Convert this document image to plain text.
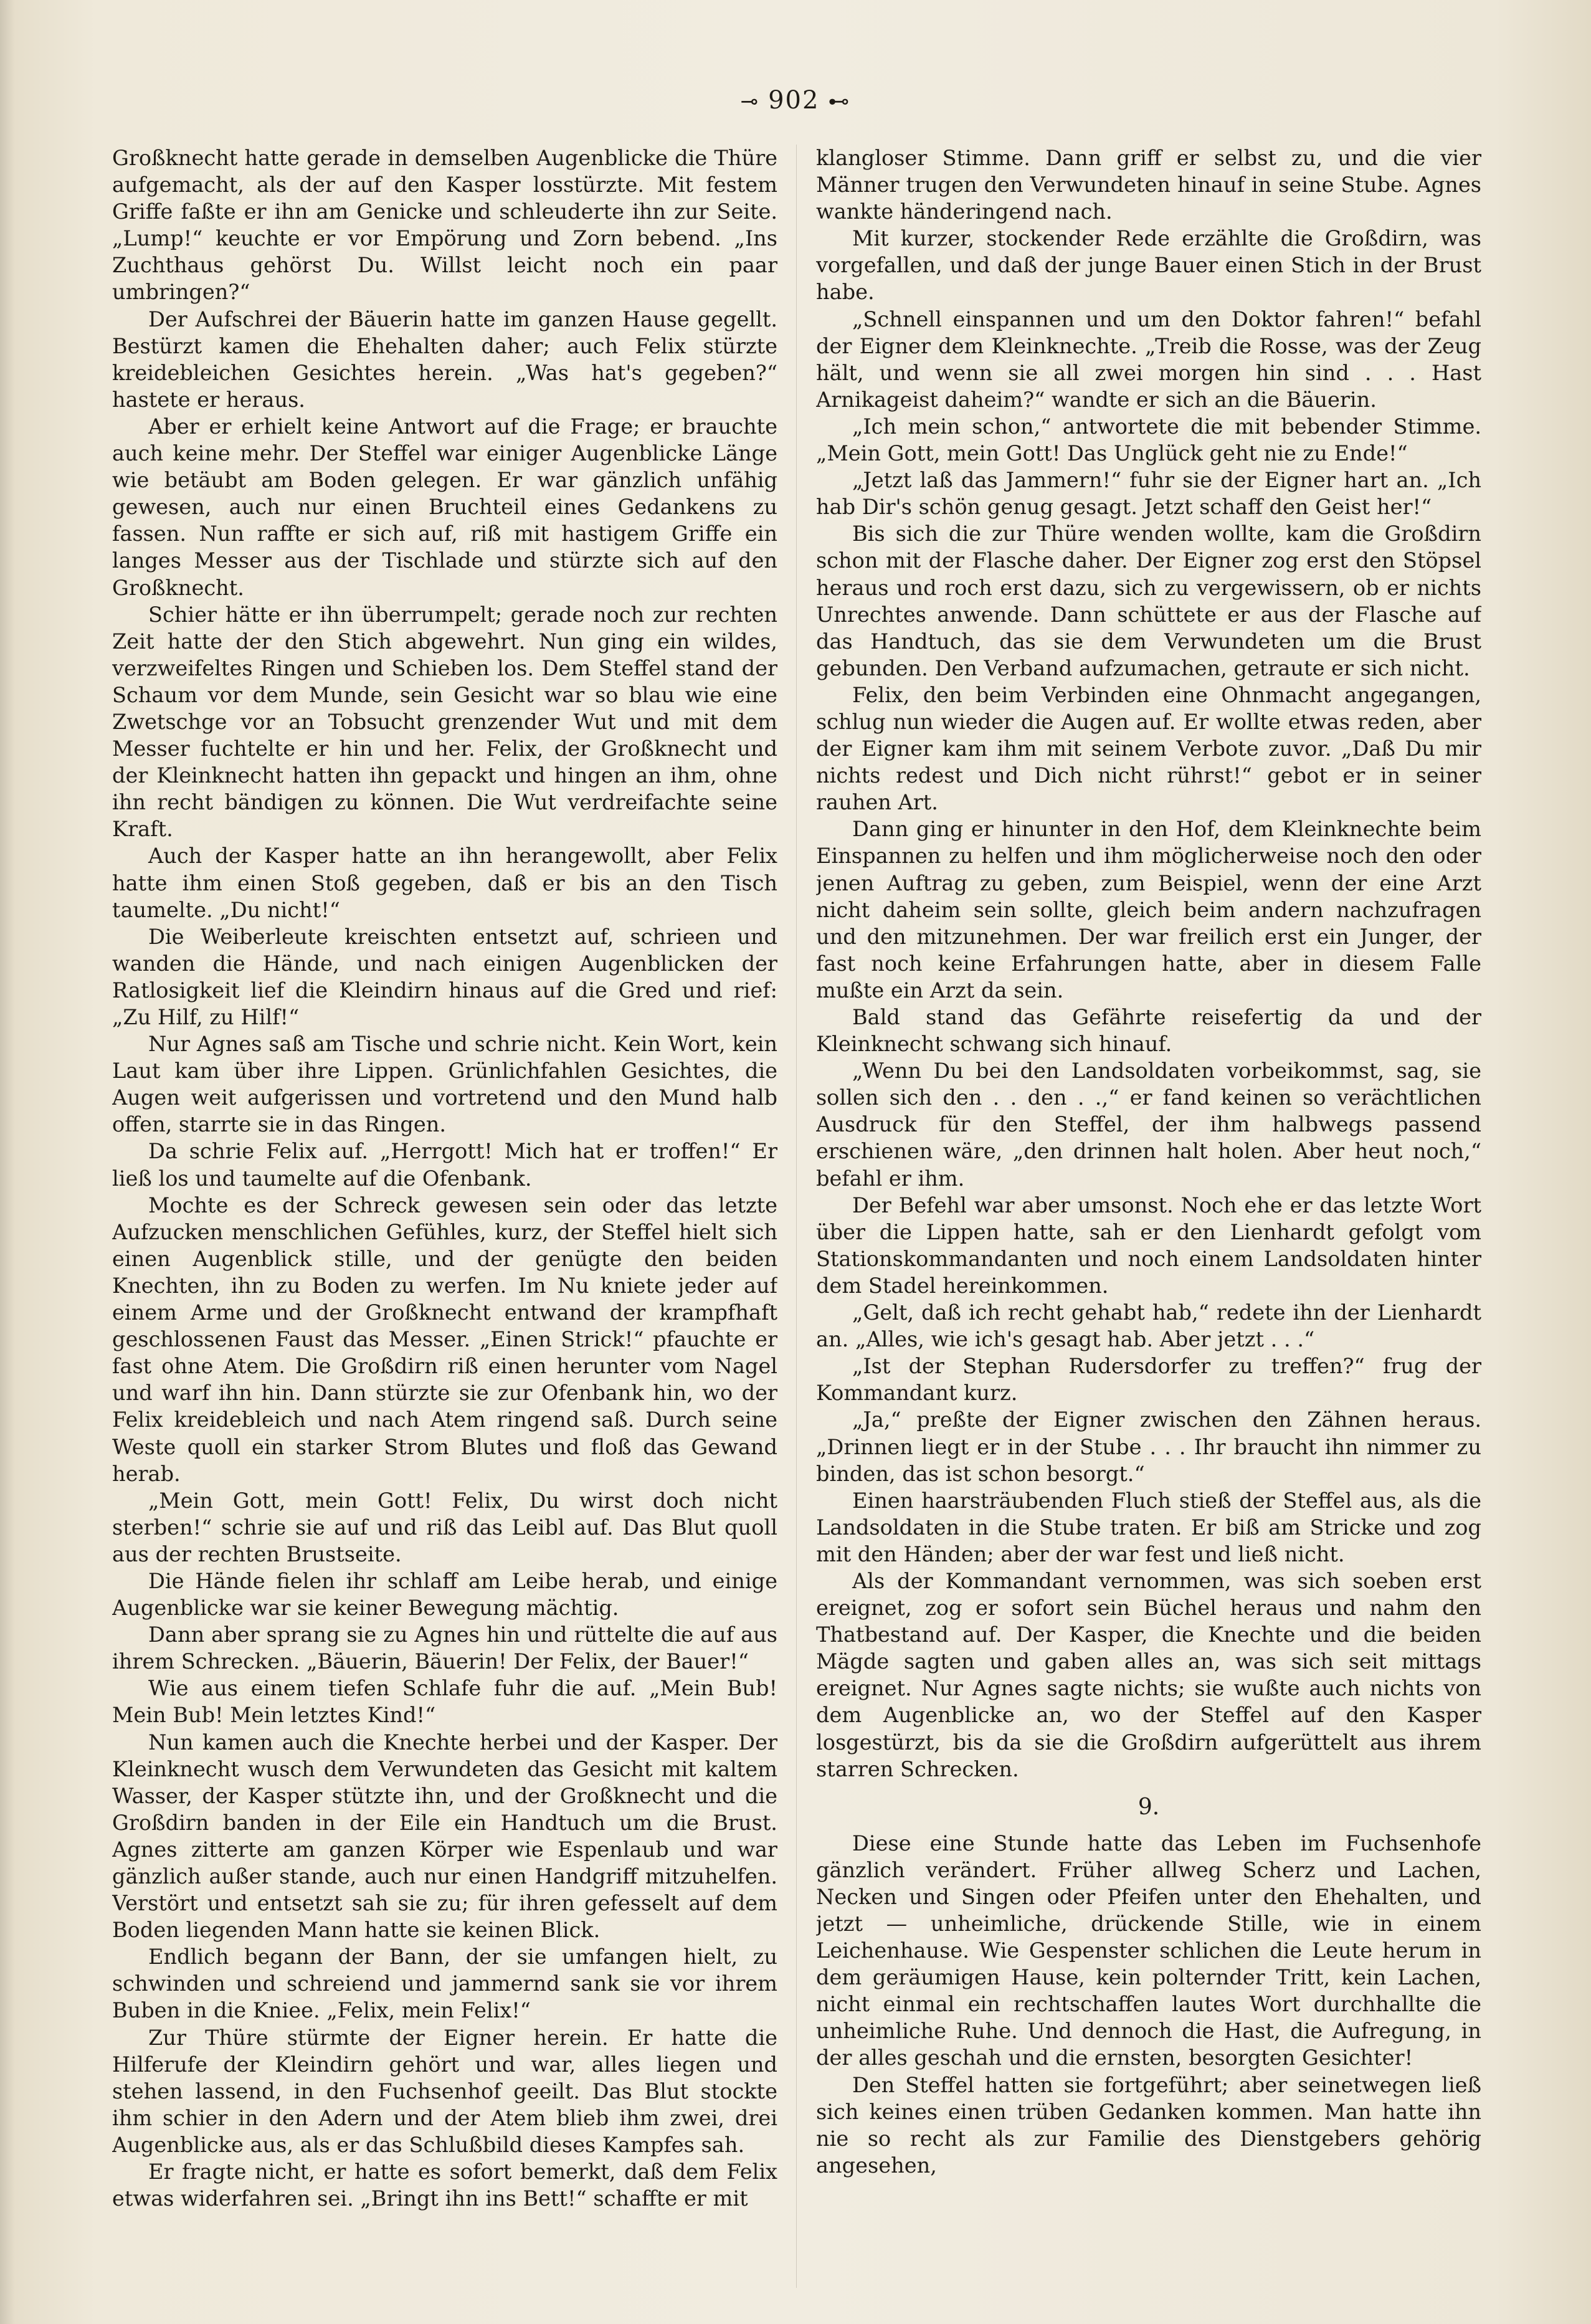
⊸ 902 ⊷

Großknecht hatte gerade in demselben Augenblicke die Thüre aufgemacht, als der auf den Kasper losstürzte. Mit festem Griffe faßte er ihn am Genicke und schleuderte ihn zur Seite. „Lump!“ keuchte er vor Empörung und Zorn bebend. „Ins Zuchthaus gehörst Du. Willst leicht noch ein paar umbringen?“

Der Aufschrei der Bäuerin hatte im ganzen Hause gegellt. Bestürzt kamen die Ehehalten daher; auch Felix stürzte kreidebleichen Gesichtes herein. „Was hat's gegeben?“ hastete er heraus.

Aber er erhielt keine Antwort auf die Frage; er brauchte auch keine mehr. Der Steffel war einiger Augenblicke Länge wie betäubt am Boden gelegen. Er war gänzlich unfähig gewesen, auch nur einen Bruchteil eines Gedankens zu fassen. Nun raffte er sich auf, riß mit hastigem Griffe ein langes Messer aus der Tischlade und stürzte sich auf den Großknecht.

Schier hätte er ihn überrumpelt; gerade noch zur rechten Zeit hatte der den Stich abgewehrt. Nun ging ein wildes, verzweifeltes Ringen und Schieben los. Dem Steffel stand der Schaum vor dem Munde, sein Gesicht war so blau wie eine Zwetschge vor an Tobsucht grenzender Wut und mit dem Messer fuchtelte er hin und her. Felix, der Großknecht und der Kleinknecht hatten ihn gepackt und hingen an ihm, ohne ihn recht bändigen zu können. Die Wut verdreifachte seine Kraft.

Auch der Kasper hatte an ihn herangewollt, aber Felix hatte ihm einen Stoß gegeben, daß er bis an den Tisch taumelte. „Du nicht!“

Die Weiberleute kreischten entsetzt auf, schrieen und wanden die Hände, und nach einigen Augenblicken der Ratlosigkeit lief die Kleindirn hinaus auf die Gred und rief: „Zu Hilf, zu Hilf!“

Nur Agnes saß am Tische und schrie nicht. Kein Wort, kein Laut kam über ihre Lippen. Grünlichfahlen Gesichtes, die Augen weit aufgerissen und vortretend und den Mund halb offen, starrte sie in das Ringen.

Da schrie Felix auf. „Herrgott! Mich hat er troffen!“ Er ließ los und taumelte auf die Ofenbank.

Mochte es der Schreck gewesen sein oder das letzte Aufzucken menschlichen Gefühles, kurz, der Steffel hielt sich einen Augenblick stille, und der genügte den beiden Knechten, ihn zu Boden zu werfen. Im Nu kniete jeder auf einem Arme und der Großknecht entwand der krampfhaft geschlossenen Faust das Messer. „Einen Strick!“ pfauchte er fast ohne Atem. Die Großdirn riß einen herunter vom Nagel und warf ihn hin. Dann stürzte sie zur Ofenbank hin, wo der Felix kreidebleich und nach Atem ringend saß. Durch seine Weste quoll ein starker Strom Blutes und floß das Gewand herab.

„Mein Gott, mein Gott! Felix, Du wirst doch nicht sterben!“ schrie sie auf und riß das Leibl auf. Das Blut quoll aus der rechten Brustseite.

Die Hände fielen ihr schlaff am Leibe herab, und einige Augenblicke war sie keiner Bewegung mächtig.

Dann aber sprang sie zu Agnes hin und rüttelte die auf aus ihrem Schrecken. „Bäuerin, Bäuerin! Der Felix, der Bauer!“

Wie aus einem tiefen Schlafe fuhr die auf. „Mein Bub! Mein Bub! Mein letztes Kind!“

Nun kamen auch die Knechte herbei und der Kasper. Der Kleinknecht wusch dem Verwundeten das Gesicht mit kaltem Wasser, der Kasper stützte ihn, und der Großknecht und die Großdirn banden in der Eile ein Handtuch um die Brust. Agnes zitterte am ganzen Körper wie Espenlaub und war gänzlich außer stande, auch nur einen Handgriff mitzuhelfen. Verstört und entsetzt sah sie zu; für ihren gefesselt auf dem Boden liegenden Mann hatte sie keinen Blick.

Endlich begann der Bann, der sie umfangen hielt, zu schwinden und schreiend und jammernd sank sie vor ihrem Buben in die Kniee. „Felix, mein Felix!“

Zur Thüre stürmte der Eigner herein. Er hatte die Hilferufe der Kleindirn gehört und war, alles liegen und stehen lassend, in den Fuchsenhof geeilt. Das Blut stockte ihm schier in den Adern und der Atem blieb ihm zwei, drei Augenblicke aus, als er das Schlußbild dieses Kampfes sah.

Er fragte nicht, er hatte es sofort bemerkt, daß dem Felix etwas widerfahren sei. „Bringt ihn ins Bett!“ schaffte er mit

klangloser Stimme. Dann griff er selbst zu, und die vier Männer trugen den Verwundeten hinauf in seine Stube. Agnes wankte händeringend nach.

Mit kurzer, stockender Rede erzählte die Großdirn, was vorgefallen, und daß der junge Bauer einen Stich in der Brust habe.

„Schnell einspannen und um den Doktor fahren!“ befahl der Eigner dem Kleinknechte. „Treib die Rosse, was der Zeug hält, und wenn sie all zwei morgen hin sind . . . Hast Arnikageist daheim?“ wandte er sich an die Bäuerin.

„Ich mein schon,“ antwortete die mit bebender Stimme. „Mein Gott, mein Gott! Das Unglück geht nie zu Ende!“

„Jetzt laß das Jammern!“ fuhr sie der Eigner hart an. „Ich hab Dir's schön genug gesagt. Jetzt schaff den Geist her!“

Bis sich die zur Thüre wenden wollte, kam die Großdirn schon mit der Flasche daher. Der Eigner zog erst den Stöpsel heraus und roch erst dazu, sich zu vergewissern, ob er nichts Unrechtes anwende. Dann schüttete er aus der Flasche auf das Handtuch, das sie dem Verwundeten um die Brust gebunden. Den Verband aufzumachen, getraute er sich nicht.

Felix, den beim Verbinden eine Ohnmacht angegangen, schlug nun wieder die Augen auf. Er wollte etwas reden, aber der Eigner kam ihm mit seinem Verbote zuvor. „Daß Du mir nichts redest und Dich nicht rührst!“ gebot er in seiner rauhen Art.

Dann ging er hinunter in den Hof, dem Kleinknechte beim Einspannen zu helfen und ihm möglicherweise noch den oder jenen Auftrag zu geben, zum Beispiel, wenn der eine Arzt nicht daheim sein sollte, gleich beim andern nachzufragen und den mitzunehmen. Der war freilich erst ein Junger, der fast noch keine Erfahrungen hatte, aber in diesem Falle mußte ein Arzt da sein.

Bald stand das Gefährte reisefertig da und der Kleinknecht schwang sich hinauf.

„Wenn Du bei den Landsoldaten vorbeikommst, sag, sie sollen sich den . . den . .,“ er fand keinen so verächtlichen Ausdruck für den Steffel, der ihm halbwegs passend erschienen wäre, „den drinnen halt holen. Aber heut noch,“ befahl er ihm.

Der Befehl war aber umsonst. Noch ehe er das letzte Wort über die Lippen hatte, sah er den Lienhardt gefolgt vom Stationskommandanten und noch einem Landsoldaten hinter dem Stadel hereinkommen.

„Gelt, daß ich recht gehabt hab,“ redete ihn der Lienhardt an. „Alles, wie ich's gesagt hab. Aber jetzt . . .“

„Ist der Stephan Rudersdorfer zu treffen?“ frug der Kommandant kurz.

„Ja,“ preßte der Eigner zwischen den Zähnen heraus. „Drinnen liegt er in der Stube . . . Ihr braucht ihn nimmer zu binden, das ist schon besorgt.“

Einen haarsträubenden Fluch stieß der Steffel aus, als die Landsoldaten in die Stube traten. Er biß am Stricke und zog mit den Händen; aber der war fest und ließ nicht.

Als der Kommandant vernommen, was sich soeben erst ereignet, zog er sofort sein Büchel heraus und nahm den Thatbestand auf. Der Kasper, die Knechte und die beiden Mägde sagten und gaben alles an, was sich seit mittags ereignet. Nur Agnes sagte nichts; sie wußte auch nichts von dem Augenblicke an, wo der Steffel auf den Kasper losgestürzt, bis da sie die Großdirn aufgerüttelt aus ihrem starren Schrecken.

9.

Diese eine Stunde hatte das Leben im Fuchsenhofe gänzlich verändert. Früher allweg Scherz und Lachen, Necken und Singen oder Pfeifen unter den Ehehalten, und jetzt — unheimliche, drückende Stille, wie in einem Leichenhause. Wie Gespenster schlichen die Leute herum in dem geräumigen Hause, kein polternder Tritt, kein Lachen, nicht einmal ein rechtschaffen lautes Wort durchhallte die unheimliche Ruhe. Und dennoch die Hast, die Aufregung, in der alles geschah und die ernsten, besorgten Gesichter!

Den Steffel hatten sie fortgeführt; aber seinetwegen ließ sich keines einen trüben Gedanken kommen. Man hatte ihn nie so recht als zur Familie des Dienstgebers gehörig angesehen,
